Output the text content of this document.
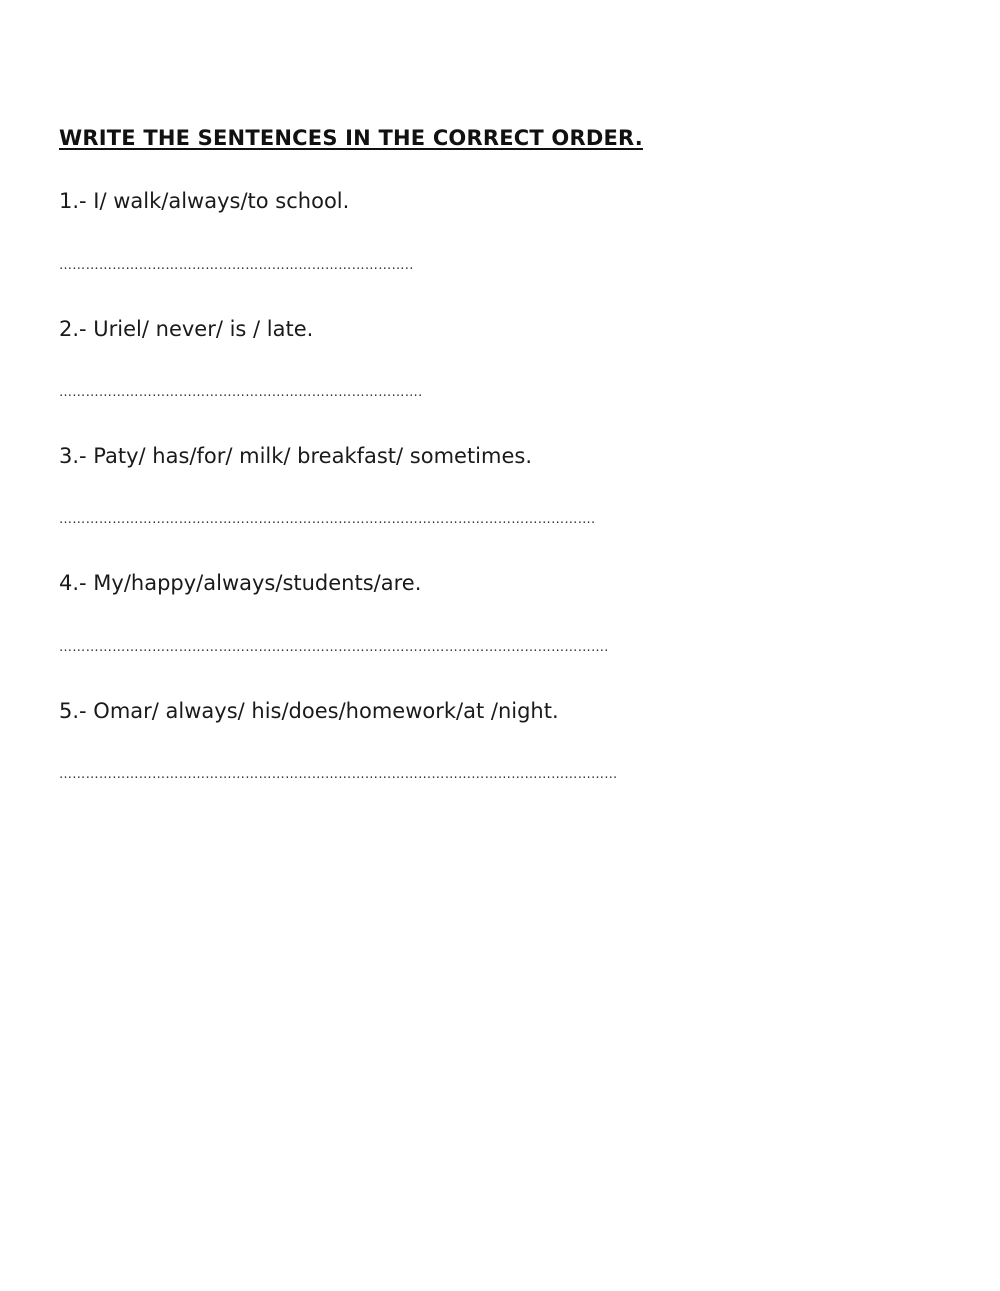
WRITE THE SENTENCES IN THE CORRECT ORDER.
1.- I/ walk/always/to school.
……………………………………………………………………..
2.- Uriel/ never/ is / late.
……………………………………………………………………….
3.- Paty/ has/for/ milk/ breakfast/ sometimes.
………………………………………………………………………………………………………….
4.- My/happy/always/students/are.
…………………………………………………………………………………………………………….
5.- Omar/ always/ his/does/homework/at /night.
………………………………………………………………………………………………………………
